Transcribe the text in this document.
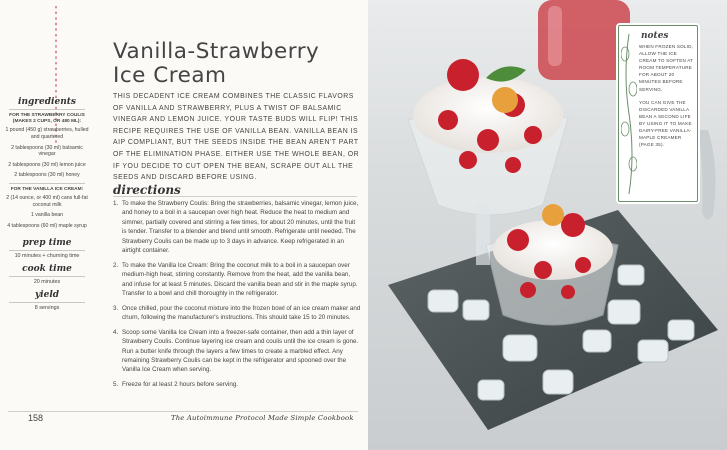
Vanilla-Strawberry
Ice Cream

THIS DECADENT ICE CREAM COMBINES THE CLASSIC FLAVORS OF VANILLA AND STRAWBERRY, PLUS A TWIST OF BALSAMIC VINEGAR AND LEMON JUICE. YOUR TASTE BUDS WILL FLIP! THIS RECIPE REQUIRES THE USE OF VANILLA BEAN. VANILLA BEAN IS AIP COMPLIANT, BUT THE SEEDS INSIDE THE BEAN AREN'T PART OF THE ELIMINATION PHASE. EITHER USE THE WHOLE BEAN, OR IF YOU DECIDE TO CUT OPEN THE BEAN, SCRAPE OUT ALL THE SEEDS AND DISCARD BEFORE USING.

directions
1. To make the Strawberry Coulis: Bring the strawberries, balsamic vinegar, lemon juice, and honey to a boil in a saucepan over high heat. Reduce the heat to medium and simmer, partially covered and stirring a few times, for about 20 minutes, until the fruit is tender. Transfer to a blender and blend until smooth. Refrigerate until needed. The Strawberry Coulis can be made up to 3 days in advance. Keep refrigerated in an airtight container.
2. To make the Vanilla Ice Cream: Bring the coconut milk to a boil in a saucepan over medium-high heat, stirring constantly. Remove from the heat, add the vanilla bean, and infuse for at least 5 minutes. Discard the vanilla bean and stir in the maple syrup. Transfer to a bowl and chill thoroughly in the refrigerator.
3. Once chilled, pour the coconut mixture into the frozen bowl of an ice cream maker and churn, following the manufacturer's instructions. This should take 15 to 20 minutes.
4. Scoop some Vanilla Ice Cream into a freezer-safe container, then add a thin layer of Strawberry Coulis. Continue layering ice cream and coulis until the ice cream is gone. Run a butter knife through the layers a few times to create a marbled effect. Any remaining Strawberry Coulis can be kept in the refrigerator and spooned over the Vanilla Ice Cream when serving.
5. Freeze for at least 2 hours before serving.
ingredients

FOR THE STRAWBERRY COULIS (MAKES 2 CUPS, OR 480 ML):

1 pound (450 g) strawberries, hulled and quartered

2 tablespoons (30 ml) balsamic vinegar

2 tablespoons (30 ml) lemon juice

2 tablespoons (30 ml) honey

FOR THE VANILLA ICE CREAM:

2 (14 ounce, or 400 ml) cans full-fat coconut milk

1 vanilla bean

4 tablespoons (60 ml) maple syrup

prep time

10 minutes + churning time

cook time

20 minutes

yield

8 servings

158	The Autoimmune Protocol Made Simple Cookbook
notes

WHEN FROZEN SOLID, ALLOW THE ICE CREAM TO SOFTEN AT ROOM TEMPERATURE FOR ABOUT 20 MINUTES BEFORE SERVING.

YOU CAN GIVE THE DISCARDED VANILLA BEAN A SECOND LIFE BY USING IT TO MAKE DAIRY-FREE VANILLA-MAPLE CREAMER (PAGE 35).
